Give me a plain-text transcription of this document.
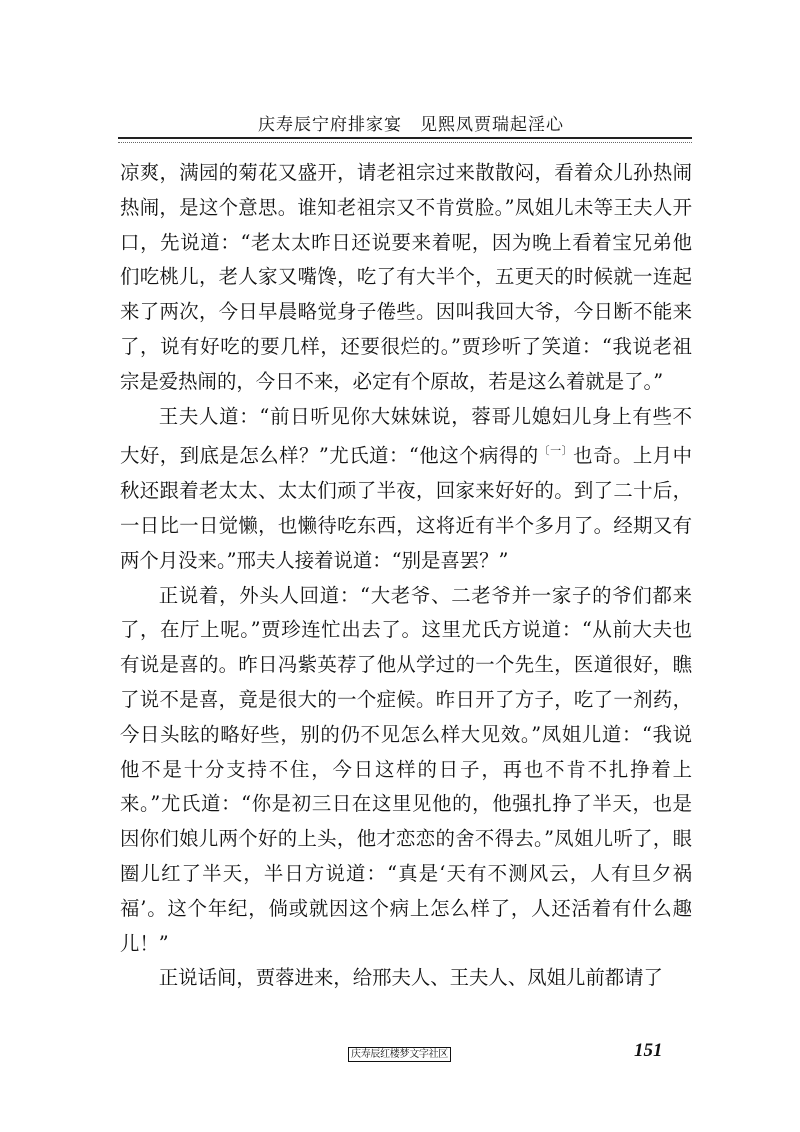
庆寿辰宁府排家宴　见熙凤贾瑞起淫心

凉爽，满园的菊花又盛开，请老祖宗过来散散闷，看着众儿孙热闹热闹，是这个意思。谁知老祖宗又不肯赏脸。”凤姐儿未等王夫人开口，先说道：“老太太昨日还说要来着呢，因为晚上看着宝兄弟他们吃桃儿，老人家又嘴馋，吃了有大半个，五更天的时候就一连起来了两次，今日早晨略觉身子倦些。因叫我回大爷，今日断不能来了，说有好吃的要几样，还要很烂的。”贾珍听了笑道：“我说老祖宗是爱热闹的，今日不来，必定有个原故，若是这么着就是了。”

王夫人道：“前日听见你大妹妹说，蓉哥儿媳妇儿身上有些不大好，到底是怎么样？”尤氏道：“他这个病得的$^{〔一〕}$也奇。上月中秋还跟着老太太、太太们顽了半夜，回家来好好的。到了二十后，一日比一日觉懒，也懒待吃东西，这将近有半个多月了。经期又有两个月没来。”邢夫人接着说道：“别是喜罢？”

正说着，外头人回道：“大老爷、二老爷并一家子的爷们都来了，在厅上呢。”贾珍连忙出去了。这里尤氏方说道：“从前大夫也有说是喜的。昨日冯紫英荐了他从学过的一个先生，医道很好，瞧了说不是喜，竟是很大的一个症候。昨日开了方子，吃了一剂药，今日头眩的略好些，别的仍不见怎么样大见效。”凤姐儿道：“我说他不是十分支持不住，今日这样的日子，再也不肯不扎挣着上来。”尤氏道：“你是初三日在这里见他的，他强扎挣了半天，也是因你们娘儿两个好的上头，他才恋恋的舍不得去。”凤姐儿听了，眼圈儿红了半天，半日方说道：“真是‘天有不测风云，人有旦夕祸福’。这个年纪，倘或就因这个病上怎么样了，人还活着有什么趣儿！”

正说话间，贾蓉进来，给邢夫人、王夫人、凤姐儿前都请了

庆寿辰红楼梦文字社区	151
